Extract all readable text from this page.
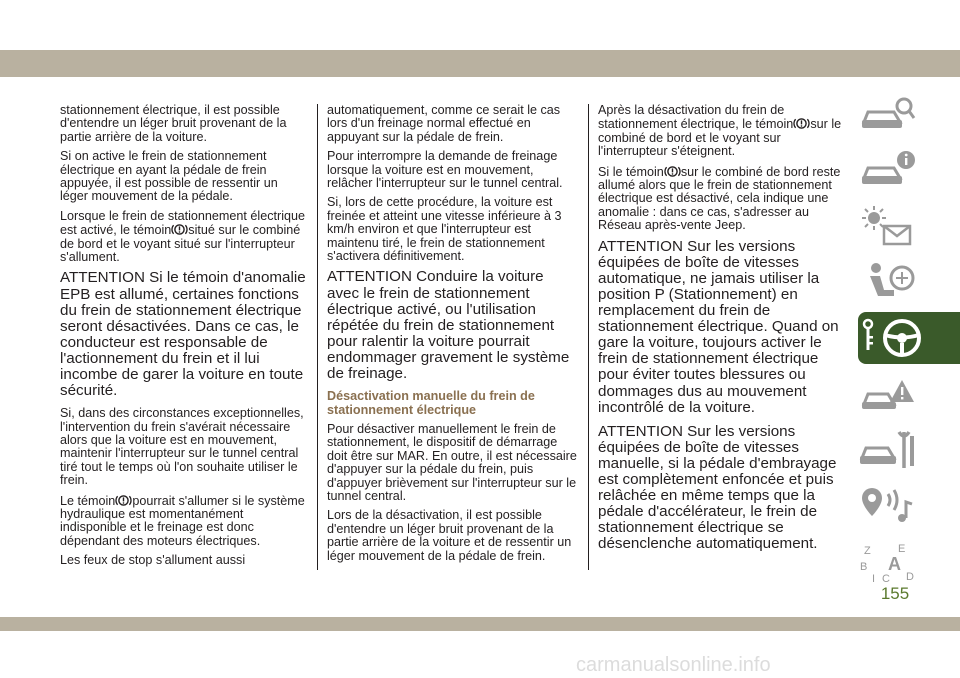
stationnement électrique, il est possible d'entendre un léger bruit provenant de la partie arrière de la voiture.

Si on active le frein de stationnement électrique en ayant la pédale de frein appuyée, il est possible de ressentir un léger mouvement de la pédale.

Lorsque le frein de stationnement électrique est activé, le témoin situé sur le combiné de bord et le voyant situé sur l'interrupteur s'allument.

ATTENTION Si le témoin d'anomalie EPB est allumé, certaines fonctions du frein de stationnement électrique seront désactivées. Dans ce cas, le conducteur est responsable de l'actionnement du frein et il lui incombe de garer la voiture en toute sécurité.

Si, dans des circonstances exceptionnelles, l'intervention du frein s'avérait nécessaire alors que la voiture est en mouvement, maintenir l'interrupteur sur le tunnel central tiré tout le temps où l'on souhaite utiliser le frein.

Le témoin pourrait s'allumer si le système hydraulique est momentanément indisponible et le freinage est donc dépendant des moteurs électriques.

Les feux de stop s'allument aussi

automatiquement, comme ce serait le cas lors d'un freinage normal effectué en appuyant sur la pédale de frein.

Pour interrompre la demande de freinage lorsque la voiture est en mouvement, relâcher l'interrupteur sur le tunnel central.

Si, lors de cette procédure, la voiture est freinée et atteint une vitesse inférieure à 3 km/h environ et que l'interrupteur est maintenu tiré, le frein de stationnement s'activera définitivement.

ATTENTION Conduire la voiture avec le frein de stationnement électrique activé, ou l'utilisation répétée du frein de stationnement pour ralentir la voiture pourrait endommager gravement le système de freinage.

Désactivation manuelle du frein de stationnement électrique

Pour désactiver manuellement le frein de stationnement, le dispositif de démarrage doit être sur MAR. En outre, il est nécessaire d'appuyer sur la pédale du frein, puis d'appuyer brièvement sur l'interrupteur sur le tunnel central.

Lors de la désactivation, il est possible d'entendre un léger bruit provenant de la partie arrière de la voiture et de ressentir un léger mouvement de la pédale de frein.

Après la désactivation du frein de stationnement électrique, le témoin sur le combiné de bord et le voyant sur l'interrupteur s'éteignent.

Si le témoin sur le combiné de bord reste allumé alors que le frein de stationnement électrique est désactivé, cela indique une anomalie : dans ce cas, s'adresser au Réseau après-vente Jeep.

ATTENTION Sur les versions équipées de boîte de vitesses automatique, ne jamais utiliser la position P (Stationnement) en remplacement du frein de stationnement électrique. Quand on gare la voiture, toujours activer le frein de stationnement électrique pour éviter toutes blessures ou dommages dus au mouvement incontrôlé de la voiture.

ATTENTION Sur les versions équipées de boîte de vitesses manuelle, si la pédale d'embrayage est complètement enfoncée et puis relâchée en même temps que la pédale d'accélérateur, le frein de stationnement électrique se désenclenche automatiquement.	Z E
B A
I C D
155
carmanualsonline.info
